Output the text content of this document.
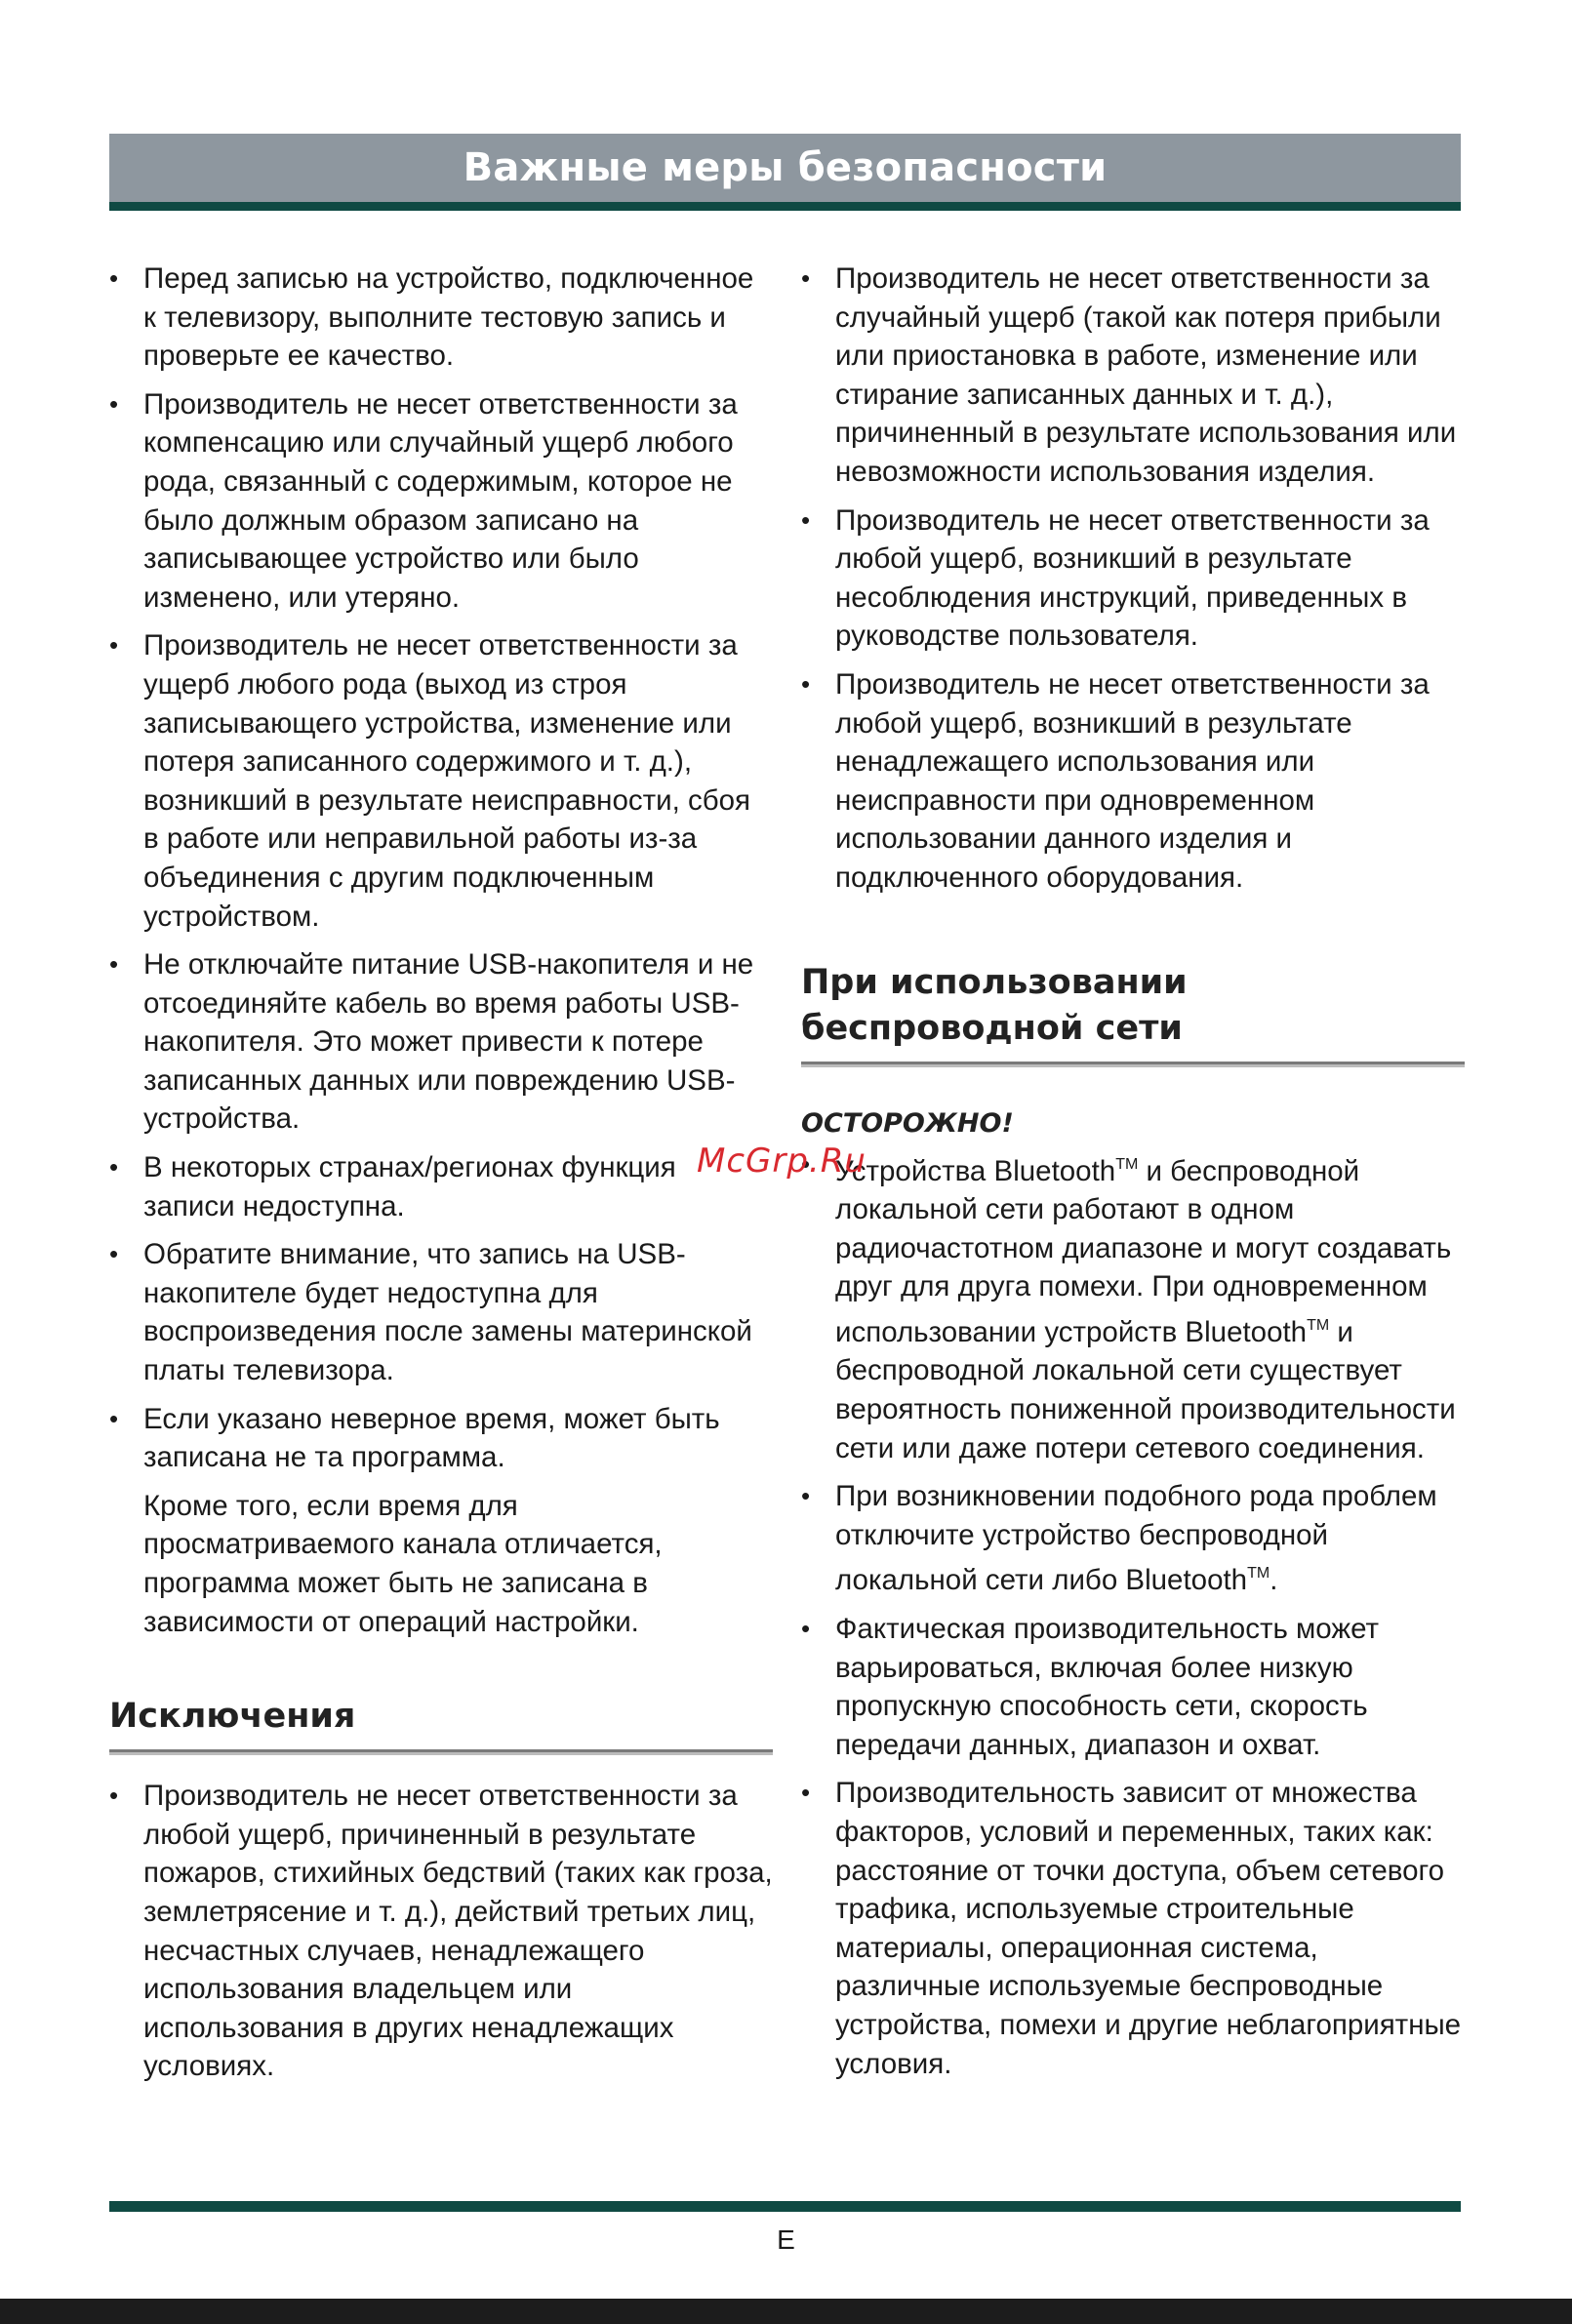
Важные меры безопасности
• Перед записью на устройство, подключенное к телевизору, выполните тестовую запись и проверьте ее качество.
• Производитель не несет ответственности за компенсацию или случайный ущерб любого рода, связанный с содержимым, которое не было должным образом записано на записывающее устройство или было изменено, или утеряно.
• Производитель не несет ответственности за ущерб любого рода (выход из строя записывающего устройства, изменение или потеря записанного содержимого и т. д.), возникший в результате неисправности, сбоя в работе или неправильной работы из-за объединения с другим подключенным устройством.
• Не отключайте питание USB-накопителя и не отсоединяйте кабель во время работы USB-накопителя. Это может привести к потере записанных данных или повреждению USB-устройства.
• В некоторых странах/регионах функция записи недоступна.
• Обратите внимание, что запись на USB-накопителе будет недоступна для воспроизведения после замены материнской платы телевизора.
• Если указано неверное время, может быть записана не та программа.

Кроме того, если время для просматриваемого канала отличается, программа может быть не записана в зависимости от операций настройки.

Исключения
• Производитель не несет ответственности за любой ущерб, причиненный в результате пожаров, стихийных бедствий (таких как гроза, землетрясение и т. д.), действий третьих лиц, несчастных случаев, ненадлежащего использования владельцем или использования в других ненадлежащих условиях.
• Производитель не несет ответственности за случайный ущерб (такой как потеря прибыли или приостановка в работе, изменение или стирание записанных данных и т. д.), причиненный в результате использования или невозможности использования изделия.
• Производитель не несет ответственности за любой ущерб, возникший в результате несоблюдения инструкций, приведенных в руководстве пользователя.
• Производитель не несет ответственности за любой ущерб, возникший в результате ненадлежащего использования или неисправности при одновременном использовании данного изделия и подключенного оборудования.
При использовании беспроводной сети

ОСТОРОЖНО!

• Устройства Bluetooth™ и беспроводной локальной сети работают в одном радиочастотном диапазоне и могут создавать друг для друга помехи. При одновременном использовании устройств Bluetooth™ и беспроводной локальной сети существует вероятность пониженной производительности сети или даже потери сетевого соединения.
• При возникновении подобного рода проблем отключите устройство беспроводной локальной сети либо Bluetooth™.
• Фактическая производительность может варьироваться, включая более низкую пропускную способность сети, скорость передачи данных, диапазон и охват.
• Производительность зависит от множества факторов, условий и переменных, таких как: расстояние от точки доступа, объем сетевого трафика, используемые строительные материалы, операционная система, различные используемые беспроводные устройства, помехи и другие неблагоприятные условия.
McGrp.Ru
E
